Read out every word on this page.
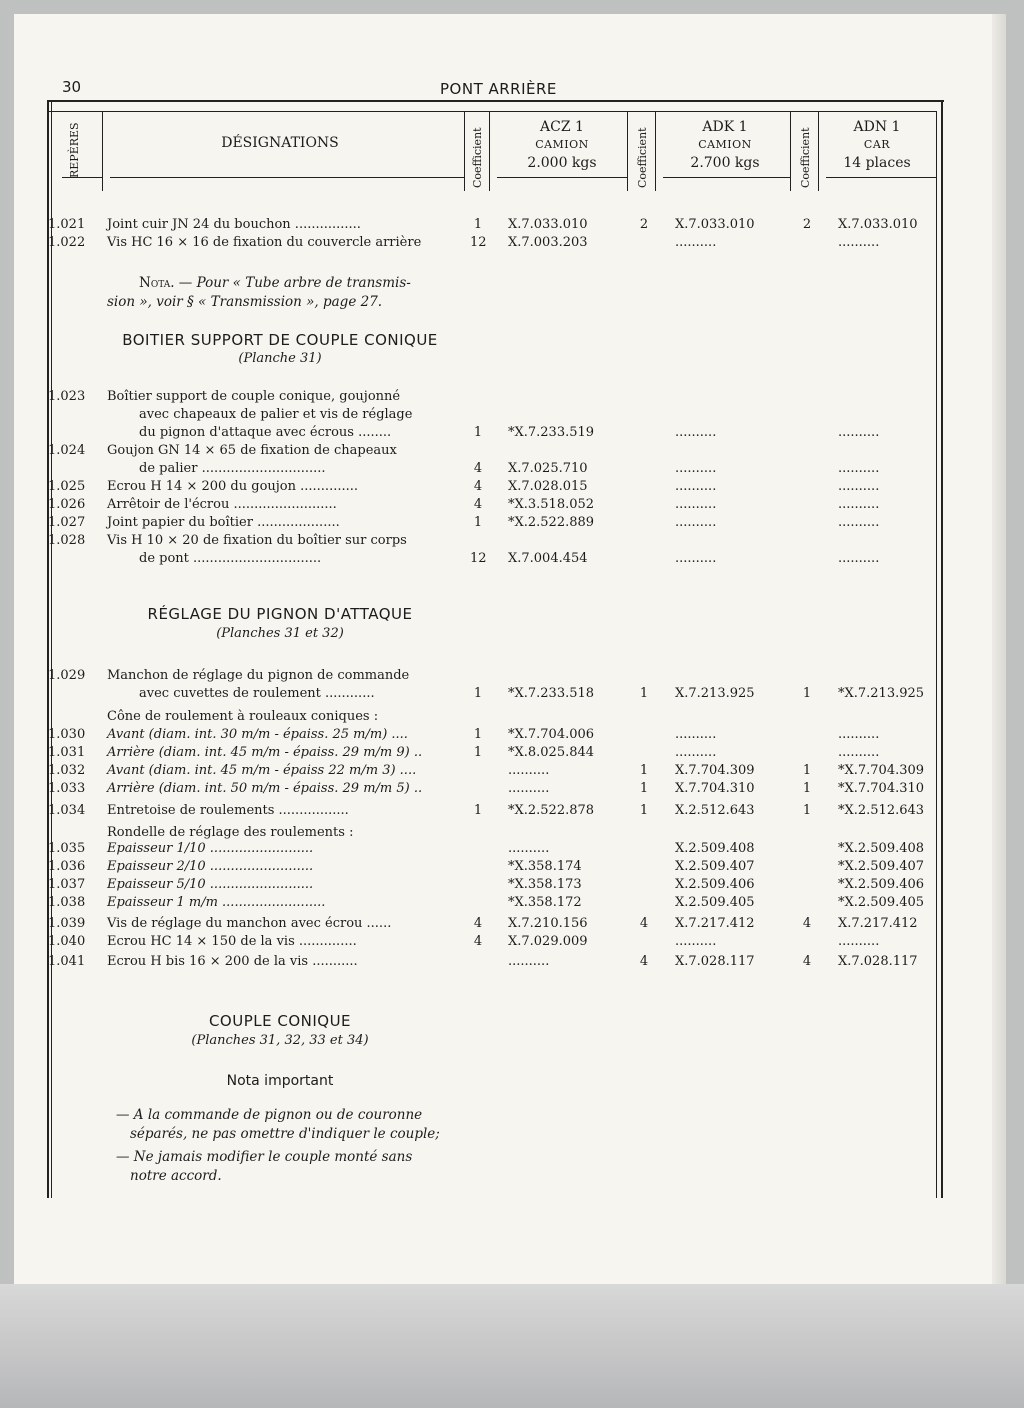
30	PONT ARRIÈRE
REPÈRES	DÉSIGNATIONS	Coefficient	Coefficient	Coefficient
ACZ 1
CAMION
2.000 kgs
ADK 1
CAMION
2.700 kgs
ADN 1
CAR
14 places
1.021 Joint cuir JN 24 du bouchon ................	1 X.7.033.010	2 X.7.033.010	2 X.7.033.010
1.022 Vis HC 16 × 16 de fixation du couvercle arrière	12 X.7.003.203	..........	..........
Nota. — Pour « Tube arbre de transmis-
sion », voir § « Transmission », page 27.
BOITIER SUPPORT DE COUPLE CONIQUE
(Planche 31)
1.023 Boîtier support de couple conique, goujonné
avec chapeaux de palier et vis de réglage
du pignon d'attaque avec écrous ........	1 *X.7.233.519	..........	..........
1.024 Goujon GN 14 × 65 de fixation de chapeaux
de palier ..............................	4 X.7.025.710	..........	..........
1.025 Ecrou H 14 × 200 du goujon ..............	4 X.7.028.015	..........	..........
1.026 Arrêtoir de l'écrou .........................	4 *X.3.518.052	..........	..........
1.027 Joint papier du boîtier ....................	1 *X.2.522.889	..........	..........
1.028 Vis H 10 × 20 de fixation du boîtier sur corps
de pont ...............................	12 X.7.004.454	..........	..........
RÉGLAGE DU PIGNON D'ATTAQUE
(Planches 31 et 32)
1.029 Manchon de réglage du pignon de commande
avec cuvettes de roulement ............	1 *X.7.233.518	1 X.7.213.925	1 *X.7.213.925
Cône de roulement à rouleaux coniques :
1.030 Avant (diam. int. 30 m/m - épaiss. 25 m/m) ....	1 *X.7.704.006	..........	..........
1.031 Arrière (diam. int. 45 m/m - épaiss. 29 m/m 9) ..	1 *X.8.025.844	..........	..........
1.032 Avant (diam. int. 45 m/m - épaiss 22 m/m 3) ....	..........	1 X.7.704.309	1 *X.7.704.309
1.033 Arrière (diam. int. 50 m/m - épaiss. 29 m/m 5) ..	..........	1 X.7.704.310	1 *X.7.704.310
1.034 Entretoise de roulements .................	1 *X.2.522.878	1 X.2.512.643	1 *X.2.512.643
Rondelle de réglage des roulements :
1.035 Epaisseur 1/10 .........................	..........	X.2.509.408	*X.2.509.408
1.036 Epaisseur 2/10 .........................	*X.358.174	X.2.509.407	*X.2.509.407
1.037 Epaisseur 5/10 .........................	*X.358.173	X.2.509.406	*X.2.509.406
1.038 Epaisseur 1 m/m .........................	*X.358.172	X.2.509.405	*X.2.509.405
1.039 Vis de réglage du manchon avec écrou ......	4 X.7.210.156	4 X.7.217.412	4 X.7.217.412
1.040 Ecrou HC 14 × 150 de la vis ..............	4 X.7.029.009	..........	..........
1.041 Ecrou H bis 16 × 200 de la vis ...........	..........	4 X.7.028.117	4 X.7.028.117
COUPLE CONIQUE
(Planches 31, 32, 33 et 34)
Nota important
— A la commande de pignon ou de couronne
séparés, ne pas omettre d'indiquer le couple;
— Ne jamais modifier le couple monté sans
notre accord.
